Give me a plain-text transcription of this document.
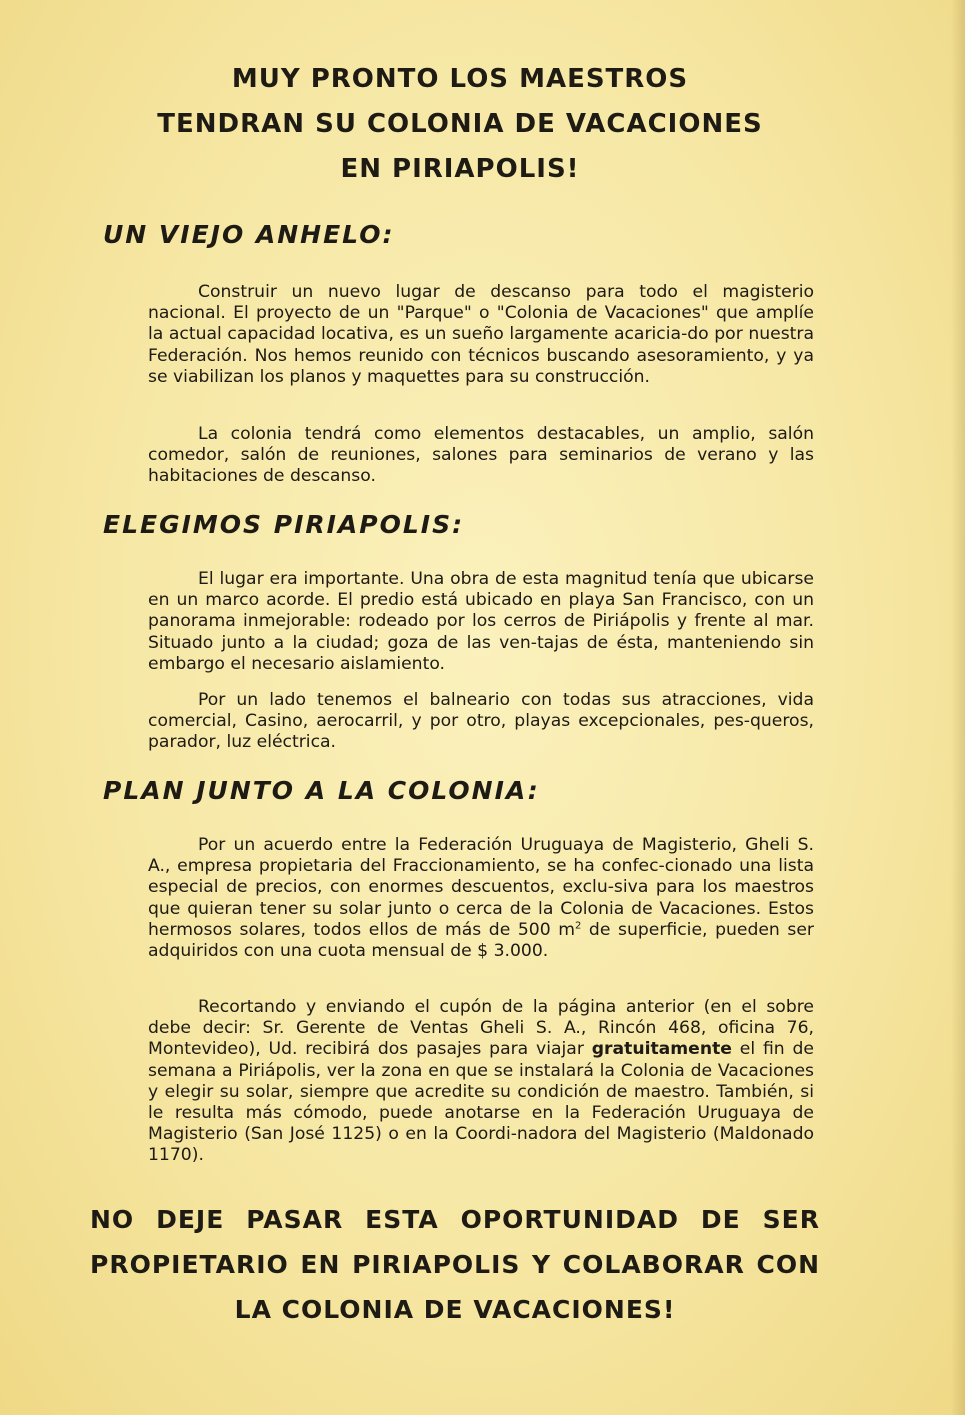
MUY PRONTO LOS MAESTROS
TENDRAN SU COLONIA DE VACACIONES
EN PIRIAPOLIS!
UN VIEJO ANHELO:

Construir un nuevo lugar de descanso para todo el magisterio nacional. El proyecto de un "Parque" o "Colonia de Vacaciones" que amplíe la actual capacidad locativa, es un sueño largamente acaricia-do por nuestra Federación. Nos hemos reunido con técnicos buscando asesoramiento, y ya se viabilizan los planos y maquettes para su construcción.

La colonia tendrá como elementos destacables, un amplio, salón comedor, salón de reuniones, salones para seminarios de verano y las habitaciones de descanso.

ELEGIMOS PIRIAPOLIS:

El lugar era importante. Una obra de esta magnitud tenía que ubicarse en un marco acorde. El predio está ubicado en playa San Francisco, con un panorama inmejorable: rodeado por los cerros de Piriápolis y frente al mar. Situado junto a la ciudad; goza de las ven-tajas de ésta, manteniendo sin embargo el necesario aislamiento.

Por un lado tenemos el balneario con todas sus atracciones, vida comercial, Casino, aerocarril, y por otro, playas excepcionales, pes-queros, parador, luz eléctrica.

PLAN JUNTO A LA COLONIA:

Por un acuerdo entre la Federación Uruguaya de Magisterio, Gheli S. A., empresa propietaria del Fraccionamiento, se ha confec-cionado una lista especial de precios, con enormes descuentos, exclu-siva para los maestros que quieran tener su solar junto o cerca de la Colonia de Vacaciones. Estos hermosos solares, todos ellos de más de 500 $m^2$ de superficie, pueden ser adquiridos con una cuota mensual de $ 3.000.

Recortando y enviando el cupón de la página anterior (en el sobre debe decir: Sr. Gerente de Ventas Gheli S. A., Rincón 468, oficina 76, Montevideo), Ud. recibirá dos pasajes para viajar gratuitamente el fin de semana a Piriápolis, ver la zona en que se instalará la Colonia de Vacaciones y elegir su solar, siempre que acredite su condición de maestro. También, si le resulta más cómodo, puede anotarse en la Federación Uruguaya de Magisterio (San José 1125) o en la Coordi-nadora del Magisterio (Maldonado 1170).

NO DEJE PASAR ESTA OPORTUNIDAD DE SER
PROPIETARIO EN PIRIAPOLIS Y COLABORAR CON
LA COLONIA DE VACACIONES!
